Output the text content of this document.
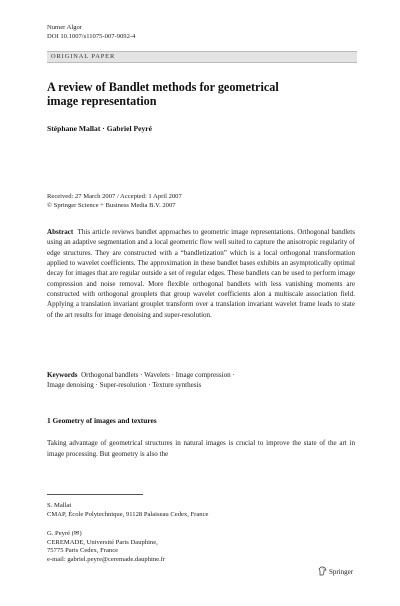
Numer Algor
DOI 10.1007/s11075-007-9092-4
ORIGINAL PAPER
A review of Bandlet methods for geometrical
image representation
Stéphane Mallat · Gabriel Peyré
Received: 27 March 2007 / Accepted: 1 April 2007
© Springer Science + Business Media B.V. 2007
Abstract This article reviews bandlet approaches to geometric image representations. Orthogonal bandlets using an adaptive segmentation and a local geometric flow well suited to capture the anisotropic regularity of edge structures. They are constructed with a “bandletization” which is a local orthogonal transformation applied to wavelet coefficients. The approximation in these bandlet bases exhibits an asymptotically optimal decay for images that are regular outside a set of regular edges. These bandlets can be used to perform image compression and noise removal. More flexible orthogonal bandlets with less vanishing moments are constructed with orthogonal grouplets that group wavelet coefficients alon a multiscale association field. Applying a translation invariant grouplet transform over a translation invariant wavelet frame leads to state of the art results for image denoising and super-resolution.
Keywords Orthogonal bandlets · Wavelets · Image compression ·
Image denoising · Super-resolution · Texture synthesis
1 Geometry of images and textures
Taking advantage of geometrical structures in natural images is crucial to improve the state of the art in image processing. But geometry is also the
S. Mallat
CMAP, École Polytechnique, 91128 Palaiseau Cedex, France
G. Peyré (✉)
CEREMADE, Université Paris Dauphine,
75775 Paris Cedex, France
e-mail: gabriel.peyre@ceremade.dauphine.fr
Springer
